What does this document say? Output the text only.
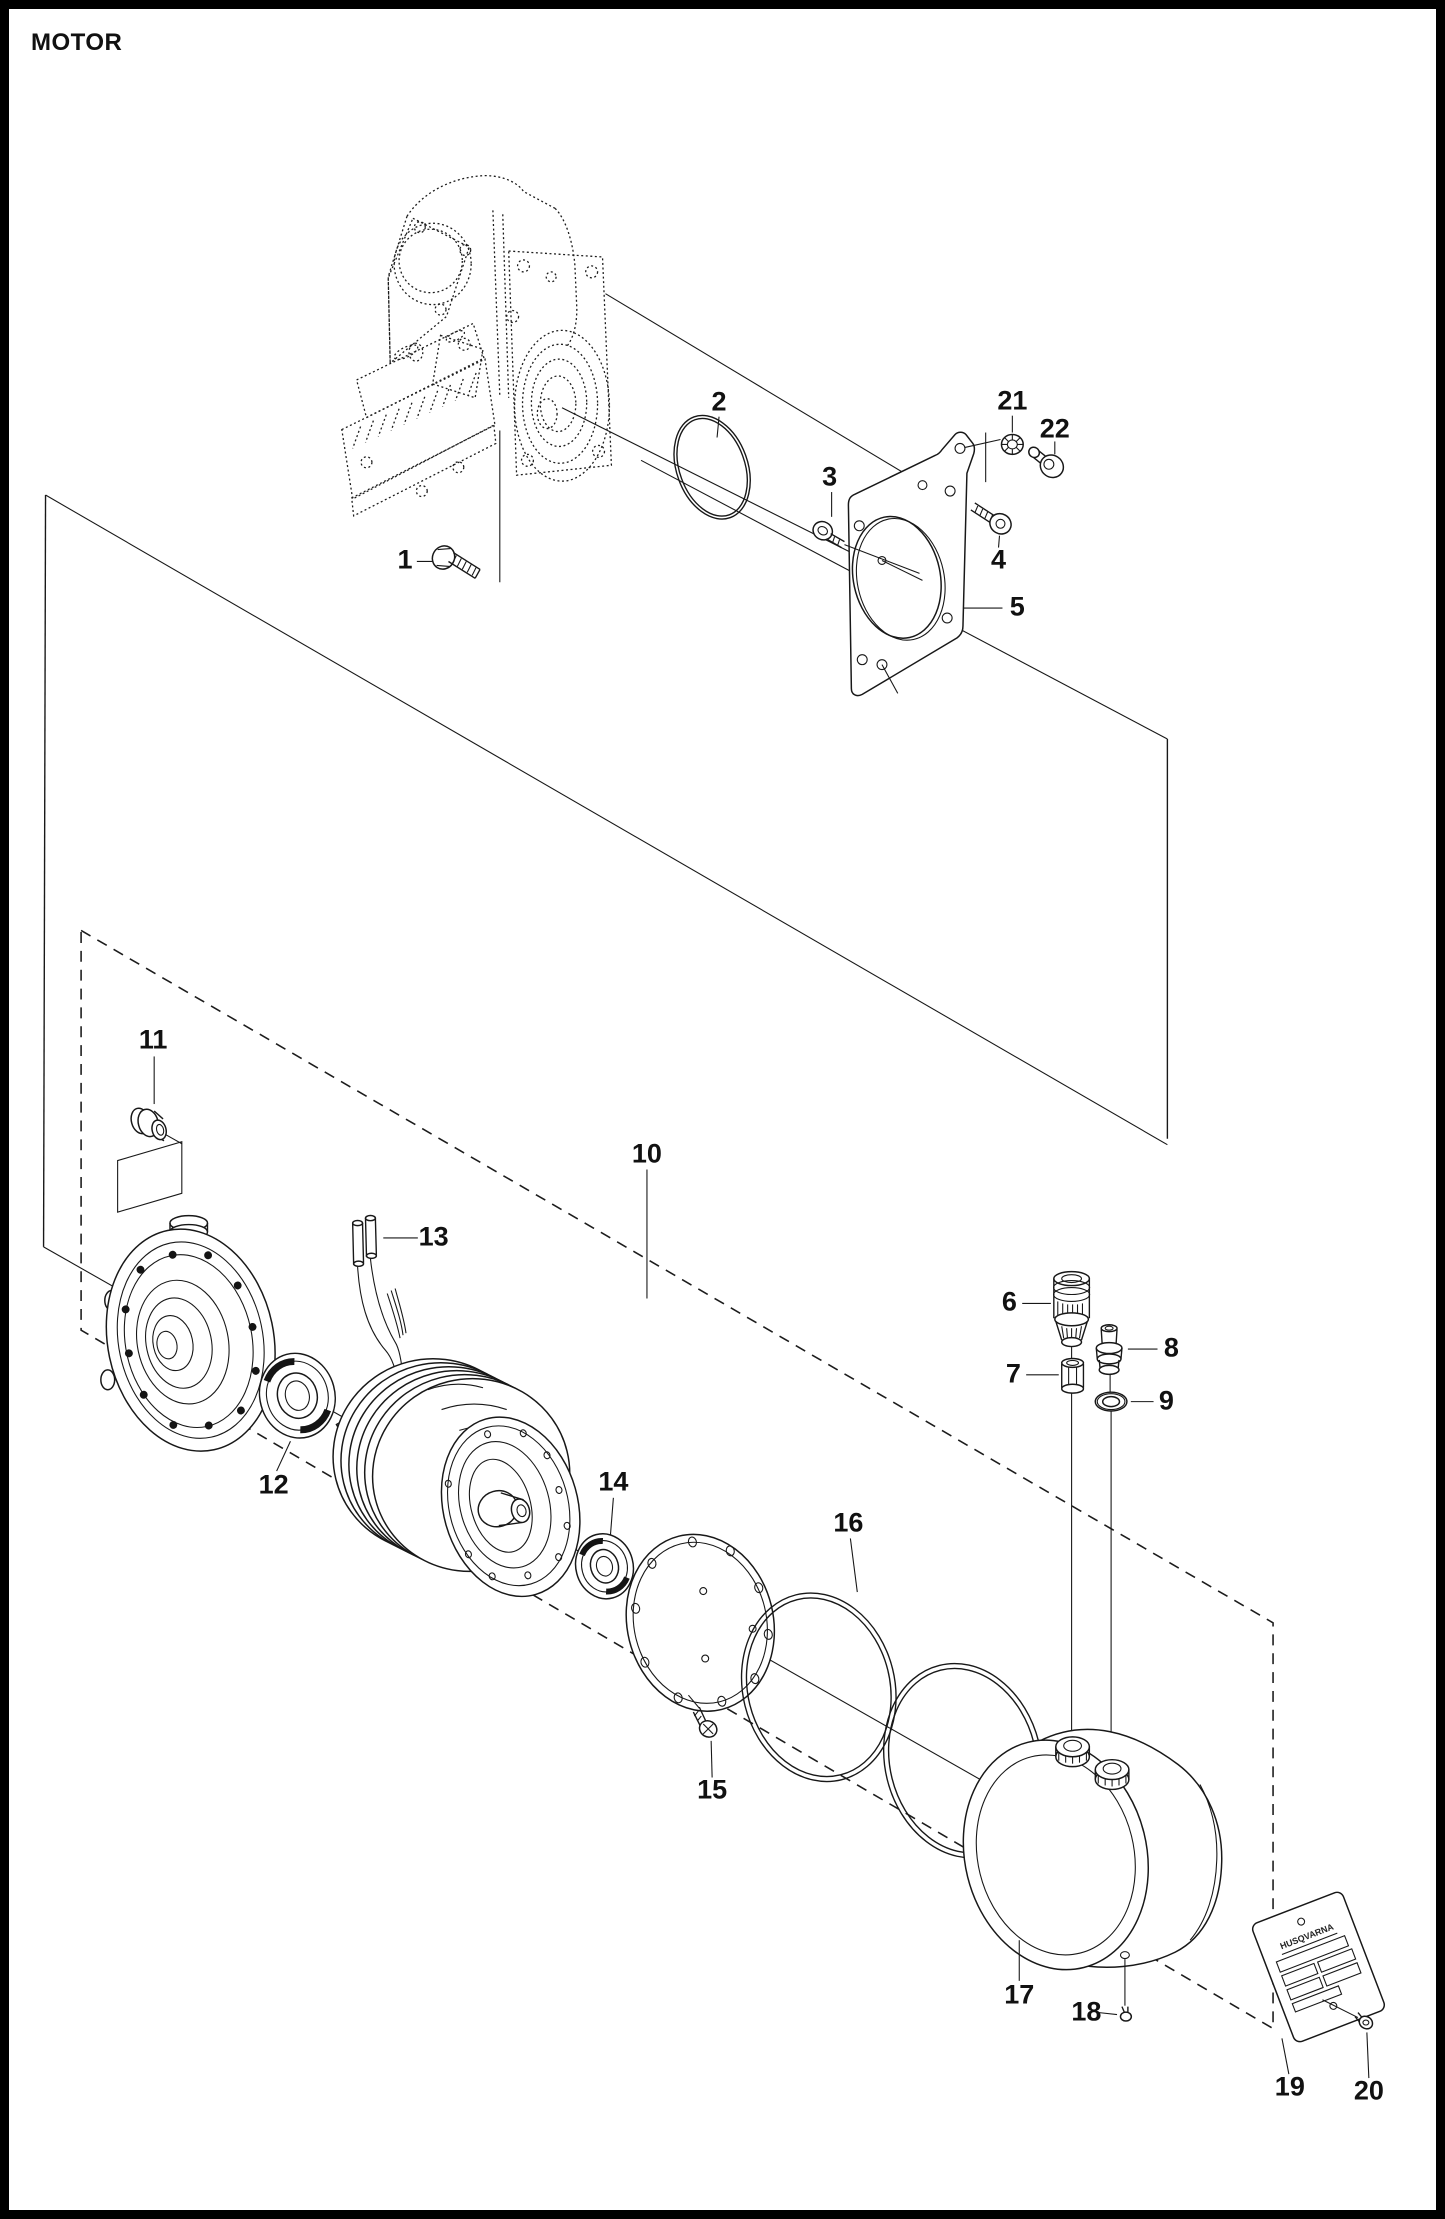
MOTOR
HUSQVARNA
1
2
3
4
5
6
7
8
9
10
11
12
13
14
15
16
17
18
19 20
21
22
